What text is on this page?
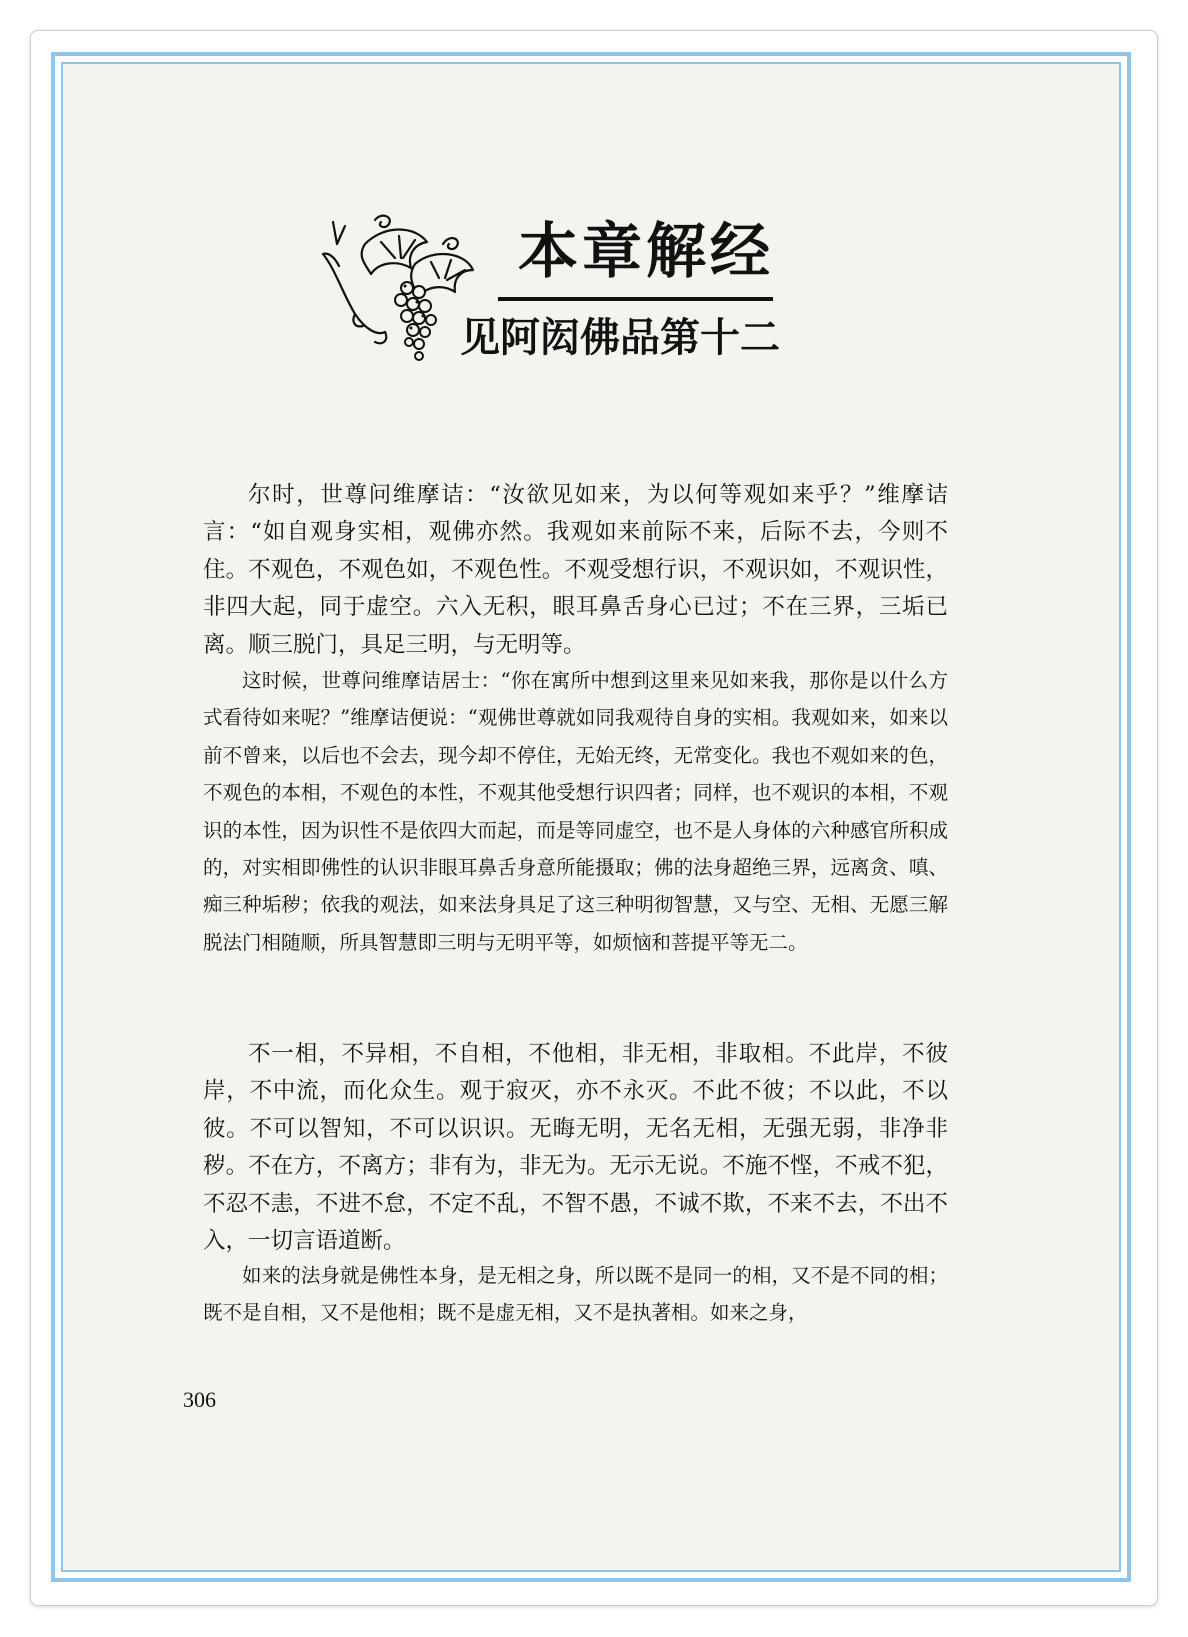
本章解经
见阿闳佛品第十二

尔时，世尊问维摩诘：“汝欲见如来，为以何等观如来乎？”维摩诘言：“如自观身实相，观佛亦然。我观如来前际不来，后际不去，今则不住。不观色，不观色如，不观色性。不观受想行识，不观识如，不观识性，非四大起，同于虚空。六入无积，眼耳鼻舌身心已过；不在三界，三垢已离。顺三脱门，具足三明，与无明等。

这时候，世尊问维摩诘居士：“你在寓所中想到这里来见如来我，那你是以什么方式看待如来呢？”维摩诘便说：“观佛世尊就如同我观待自身的实相。我观如来，如来以前不曾来，以后也不会去，现今却不停住，无始无终，无常变化。我也不观如来的色，不观色的本相，不观色的本性，不观其他受想行识四者；同样，也不观识的本相，不观识的本性，因为识性不是依四大而起，而是等同虚空，也不是人身体的六种感官所积成的，对实相即佛性的认识非眼耳鼻舌身意所能摄取；佛的法身超绝三界，远离贪、嗔、痴三种垢秽；依我的观法，如来法身具足了这三种明彻智慧，又与空、无相、无愿三解脱法门相随顺，所具智慧即三明与无明平等，如烦恼和菩提平等无二。

不一相，不异相，不自相，不他相，非无相，非取相。不此岸，不彼岸，不中流，而化众生。观于寂灭，亦不永灭。不此不彼；不以此，不以彼。不可以智知，不可以识识。无晦无明，无名无相，无强无弱，非净非秽。不在方，不离方；非有为，非无为。无示无说。不施不悭，不戒不犯，不忍不恚，不进不怠，不定不乱，不智不愚，不诚不欺，不来不去，不出不入，一切言语道断。

如来的法身就是佛性本身，是无相之身，所以既不是同一的相，又不是不同的相；既不是自相，又不是他相；既不是虚无相，又不是执著相。如来之身，

306
